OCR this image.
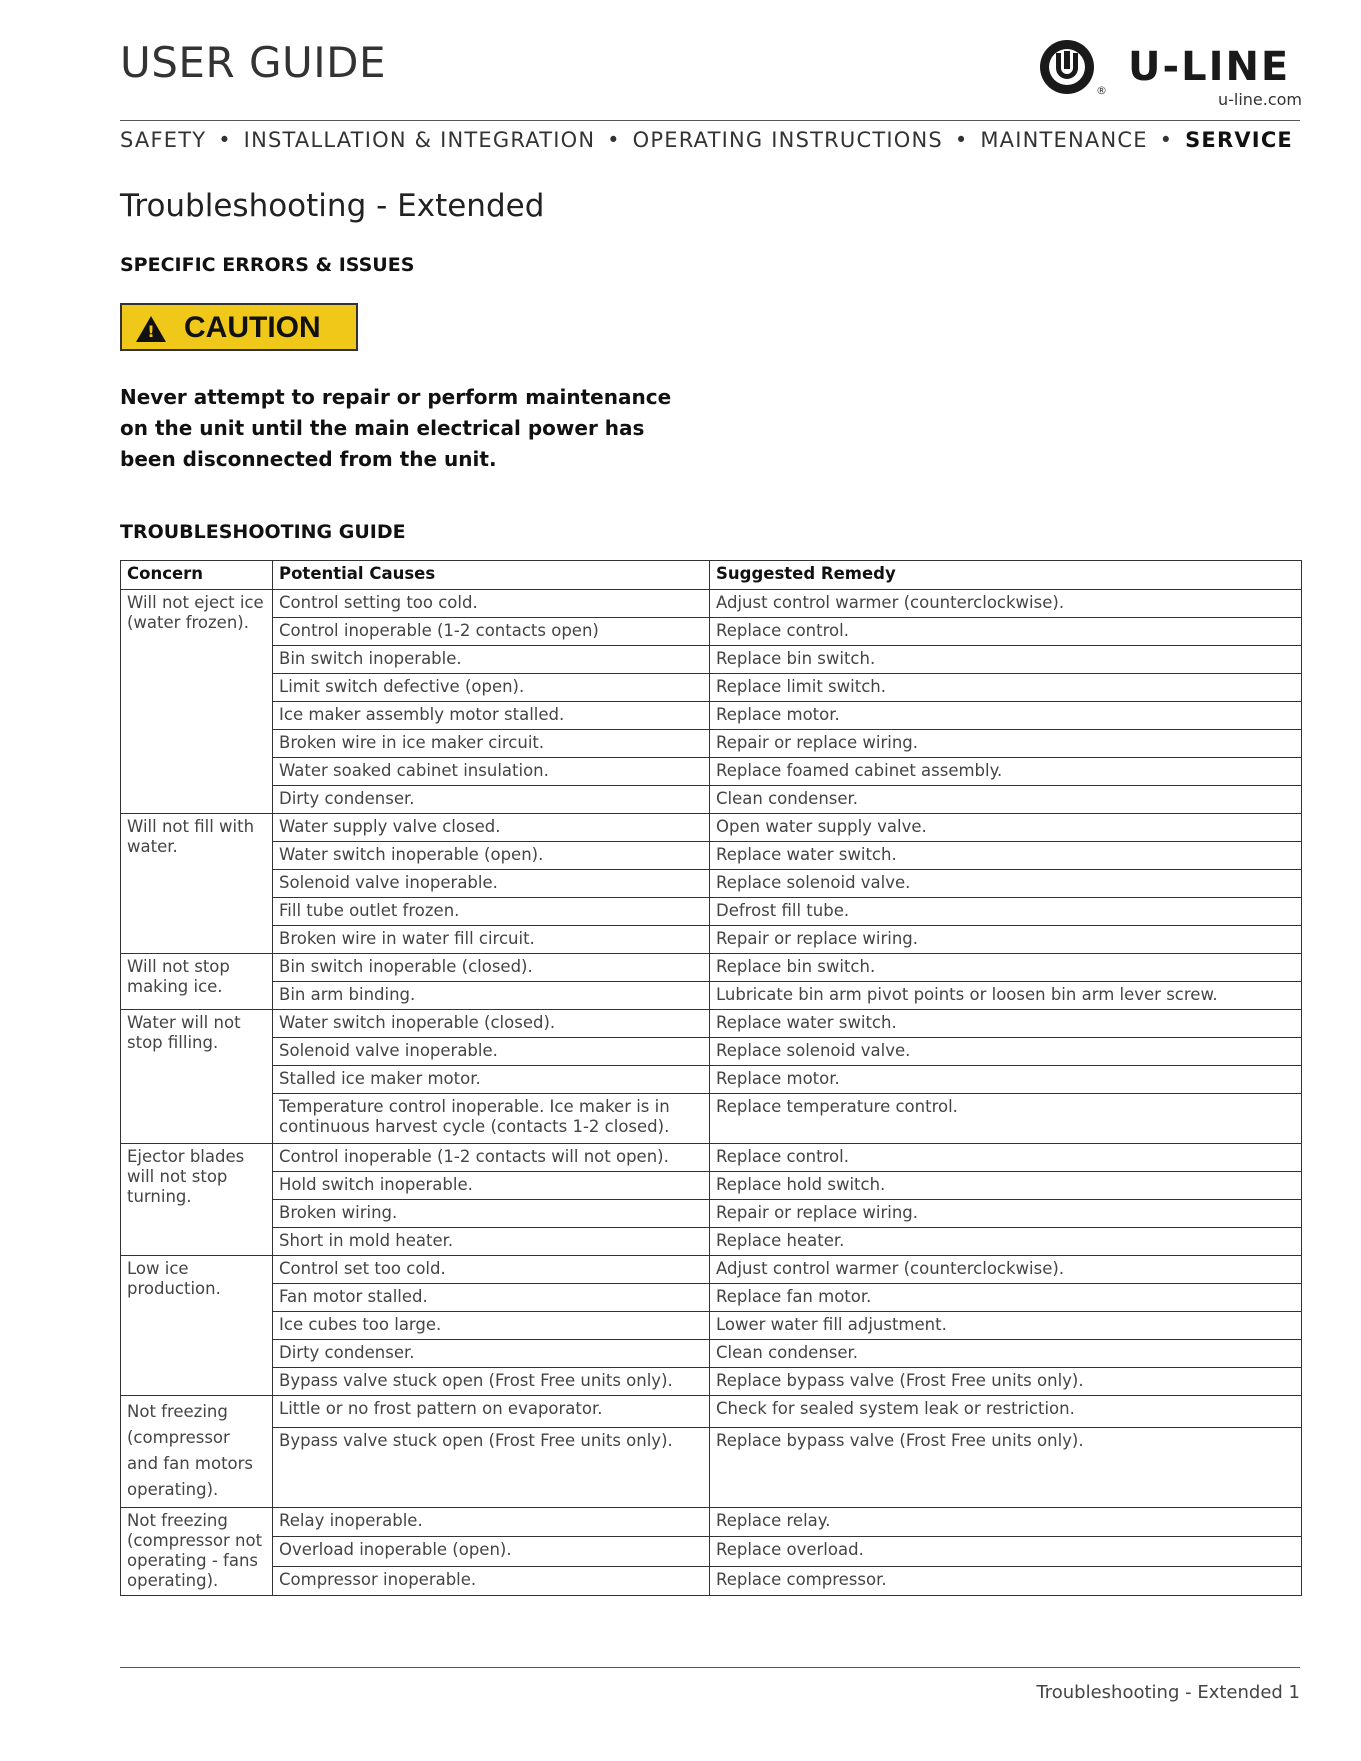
USER GUIDE
®
U-LINE
u-line.com
SAFETY • INSTALLATION & INTEGRATION • OPERATING INSTRUCTIONS • MAINTENANCE • SERVICE
Troubleshooting - Extended
SPECIFIC ERRORS & ISSUES
! CAUTION
Never attempt to repair or perform maintenance on the unit until the main electrical power has been disconnected from the unit.
TROUBLESHOOTING GUIDE
Concern	Potential Causes	Suggested Remedy
Will not eject ice (water frozen).	Control setting too cold.	Adjust control warmer (counterclockwise).
	Control inoperable (1-2 contacts open)	Replace control.
	Bin switch inoperable.	Replace bin switch.
	Limit switch defective (open).	Replace limit switch.
	Ice maker assembly motor stalled.	Replace motor.
	Broken wire in ice maker circuit.	Repair or replace wiring.
	Water soaked cabinet insulation.	Replace foamed cabinet assembly.
	Dirty condenser.	Clean condenser.
Will not fill with water.	Water supply valve closed.	Open water supply valve.
	Water switch inoperable (open).	Replace water switch.
	Solenoid valve inoperable.	Replace solenoid valve.
	Fill tube outlet frozen.	Defrost fill tube.
	Broken wire in water fill circuit.	Repair or replace wiring.
Will not stop making ice.	Bin switch inoperable (closed).	Replace bin switch.
	Bin arm binding.	Lubricate bin arm pivot points or loosen bin arm lever screw.
Water will not stop filling.	Water switch inoperable (closed).	Replace water switch.
	Solenoid valve inoperable.	Replace solenoid valve.
	Stalled ice maker motor.	Replace motor.
	Temperature control inoperable. Ice maker is in continuous harvest cycle (contacts 1-2 closed).	Replace temperature control.
Ejector blades will not stop turning.	Control inoperable (1-2 contacts will not open).	Replace control.
	Hold switch inoperable.	Replace hold switch.
	Broken wiring.	Repair or replace wiring.
	Short in mold heater.	Replace heater.
Low ice production.	Control set too cold.	Adjust control warmer (counterclockwise).
	Fan motor stalled.	Replace fan motor.
	Ice cubes too large.	Lower water fill adjustment.
	Dirty condenser.	Clean condenser.
	Bypass valve stuck open (Frost Free units only).	Replace bypass valve (Frost Free units only).
Not freezing (compressor and fan motors operating).	Little or no frost pattern on evaporator.	Check for sealed system leak or restriction.
	Bypass valve stuck open (Frost Free units only).	Replace bypass valve (Frost Free units only).
Not freezing (compressor not operating - fans operating).	Relay inoperable.	Replace relay.
	Overload inoperable (open).	Replace overload.
	Compressor inoperable.	Replace compressor.
Troubleshooting - Extended 1
